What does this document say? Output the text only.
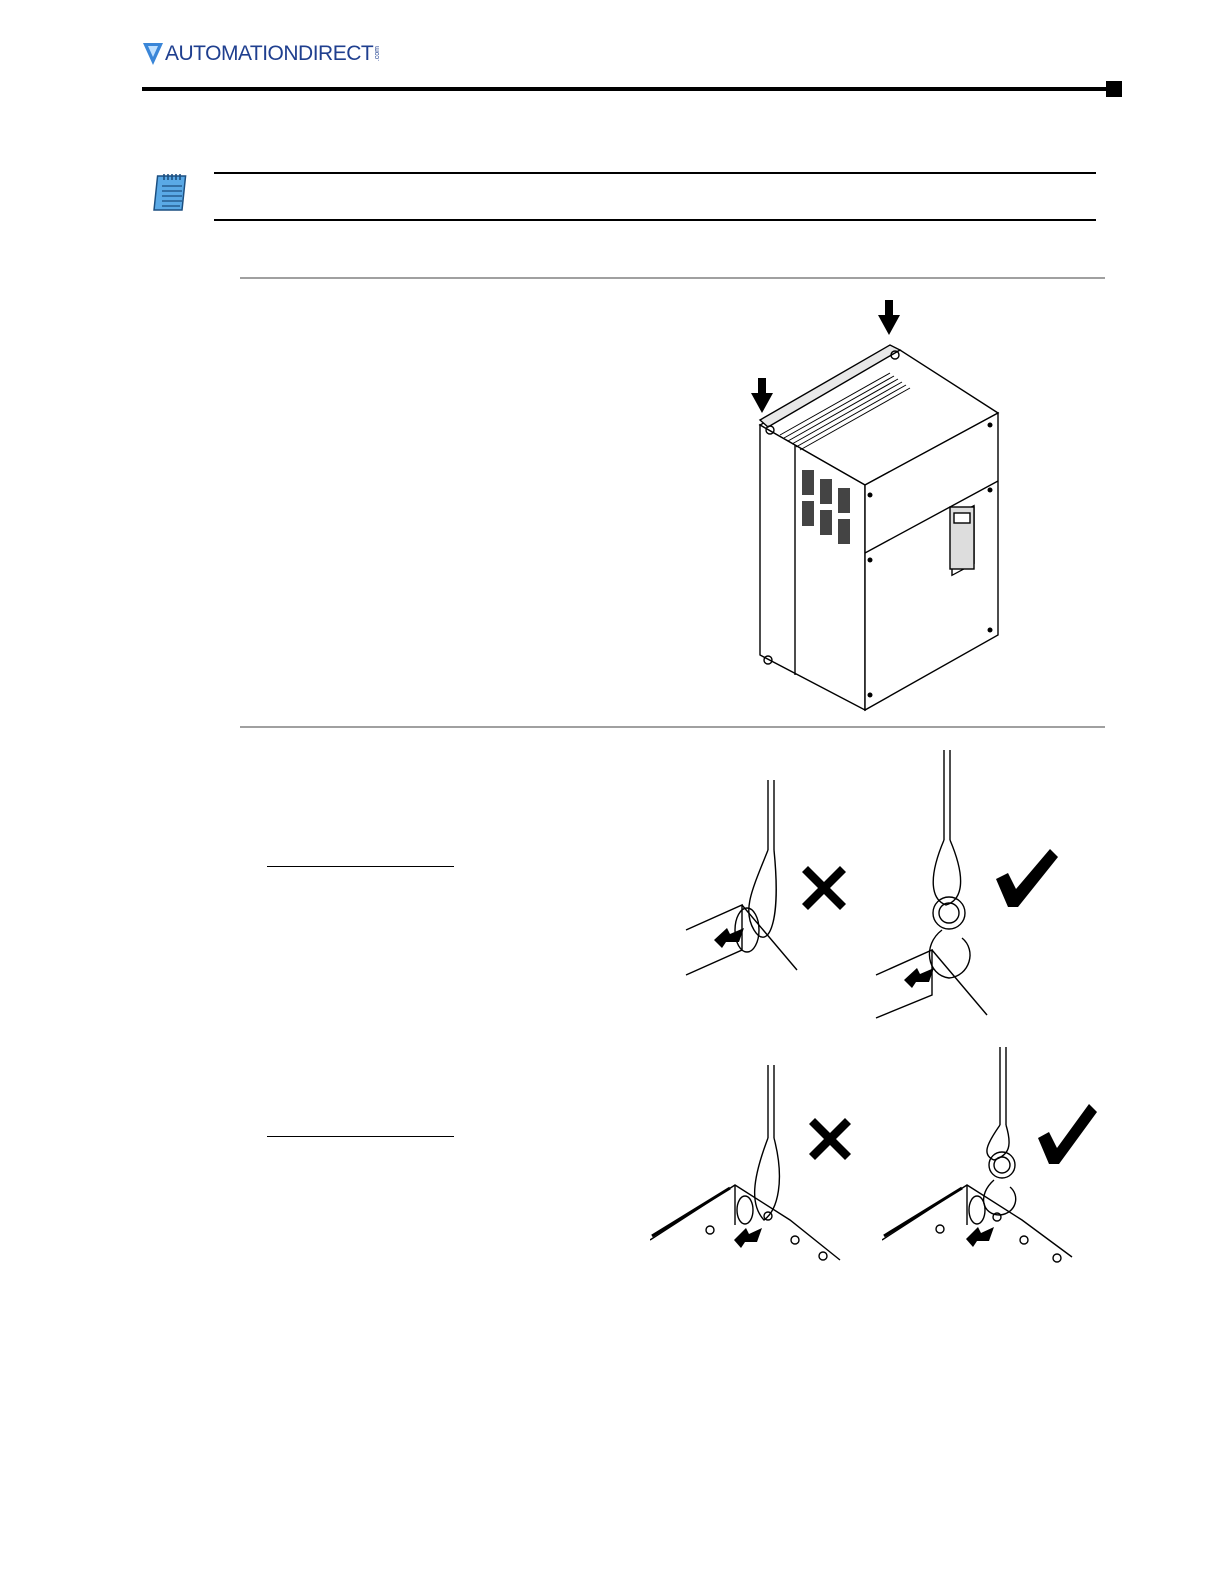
AUTOMATIONDIRECT .com
